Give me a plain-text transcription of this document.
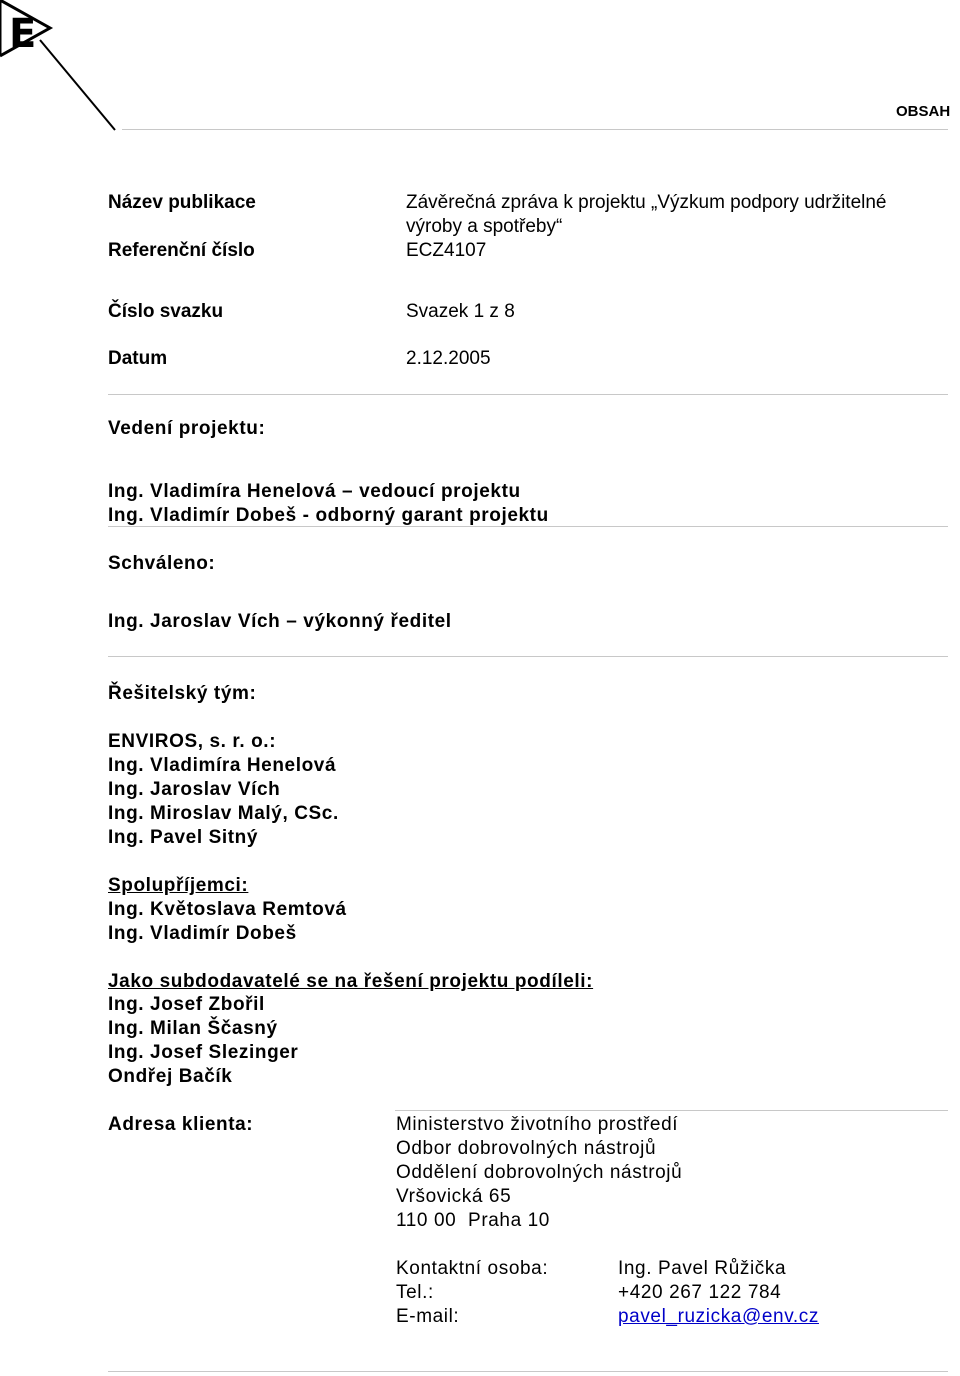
E
OBSAH
Název publikace	Závěrečná zpráva k projektu „Výzkum podpory udržitelné
výroby a spotřeby“
Referenční číslo	ECZ4107
Číslo svazku	Svazek 1 z 8
Datum	2.12.2005
Vedení projektu:
Ing. Vladimíra Henelová – vedoucí projektu
Ing. Vladimír Dobeš - odborný garant projektu
Schváleno:
Ing. Jaroslav Vích – výkonný ředitel
Řešitelský tým:
ENVIROS, s. r. o.:
Ing. Vladimíra Henelová
Ing. Jaroslav Vích
Ing. Miroslav Malý, CSc.
Ing. Pavel Sitný
Spolupříjemci:
Ing. Květoslava Remtová
Ing. Vladimír Dobeš
Jako subdodavatelé se na řešení projektu podíleli:
Ing. Josef Zbořil
Ing. Milan Ščasný
Ing. Josef Slezinger
Ondřej Bačík
Adresa klienta:	Ministerstvo životního prostředí
Odbor dobrovolných nástrojů
Oddělení dobrovolných nástrojů
Vršovická 65
110 00  Praha 10
Kontaktní osoba:	Ing. Pavel Růžička
Tel.:	+420 267 122 784
E-mail:	pavel_ruzicka@env.cz
